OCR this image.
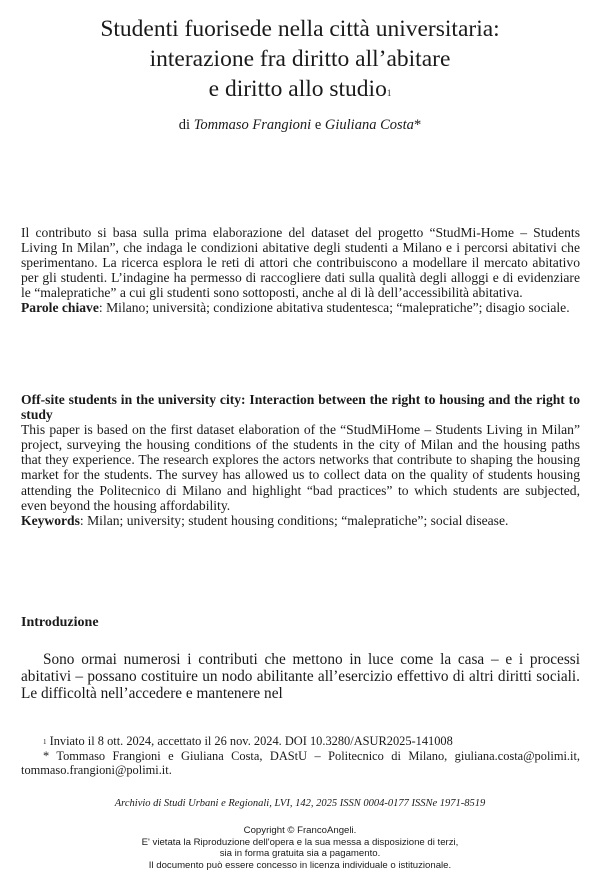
Studenti fuorisede nella città universitaria:
interazione fra diritto all’abitare
e diritto allo studio$^1$
di Tommaso Frangioni e Giuliana Costa*

Il contributo si basa sulla prima elaborazione del dataset del progetto “StudMi-Home – Students Living In Milan”, che indaga le condizioni abitative degli studenti a Milano e i percorsi abitativi che sperimentano. La ricerca esplora le reti di attori che contribuiscono a modellare il mercato abitativo per gli studenti. L’indagine ha permesso di raccogliere dati sulla qualità degli alloggi e di evidenziare le “malepratiche” a cui gli studenti sono sottoposti, anche al di là dell’accessibilità abitativa.

Parole chiave: Milano; università; condizione abitativa studentesca; “malepratiche”; disagio sociale.

Off-site students in the university city: Interaction between the right to housing and the right to study

This paper is based on the first dataset elaboration of the “StudMiHome – Students Living in Milan” project, surveying the housing conditions of the students in the city of Milan and the housing paths that they experience. The research explores the actors networks that contribute to shaping the housing market for the students. The survey has allowed us to collect data on the quality of students housing attending the Politecnico di Milano and highlight “bad practices” to which students are subjected, even beyond the housing affordability.

Keywords: Milan; university; student housing conditions; “malepratiche”; social disease.

Introduzione

Sono ormai numerosi i contributi che mettono in luce come la casa – e i processi abitativi – possano costituire un nodo abilitante all’esercizio effettivo di altri diritti sociali. Le difficoltà nell’accedere e mantenere nel

$^1$ Inviato il 8 ott. 2024, accettato il 26 nov. 2024. DOI 10.3280/ASUR2025-141008

* Tommaso Frangioni e Giuliana Costa, DAStU – Politecnico di Milano, giuliana.costa@polimi.it, tommaso.frangioni@polimi.it.

Archivio di Studi Urbani e Regionali, LVI, 142, 2025 ISSN 0004-0177 ISSNe 1971-8519

Copyright © FrancoAngeli.

E' vietata la Riproduzione dell'opera e la sua messa a disposizione di terzi,

sia in forma gratuita sia a pagamento.

Il documento può essere concesso in licenza individuale o istituzionale.
